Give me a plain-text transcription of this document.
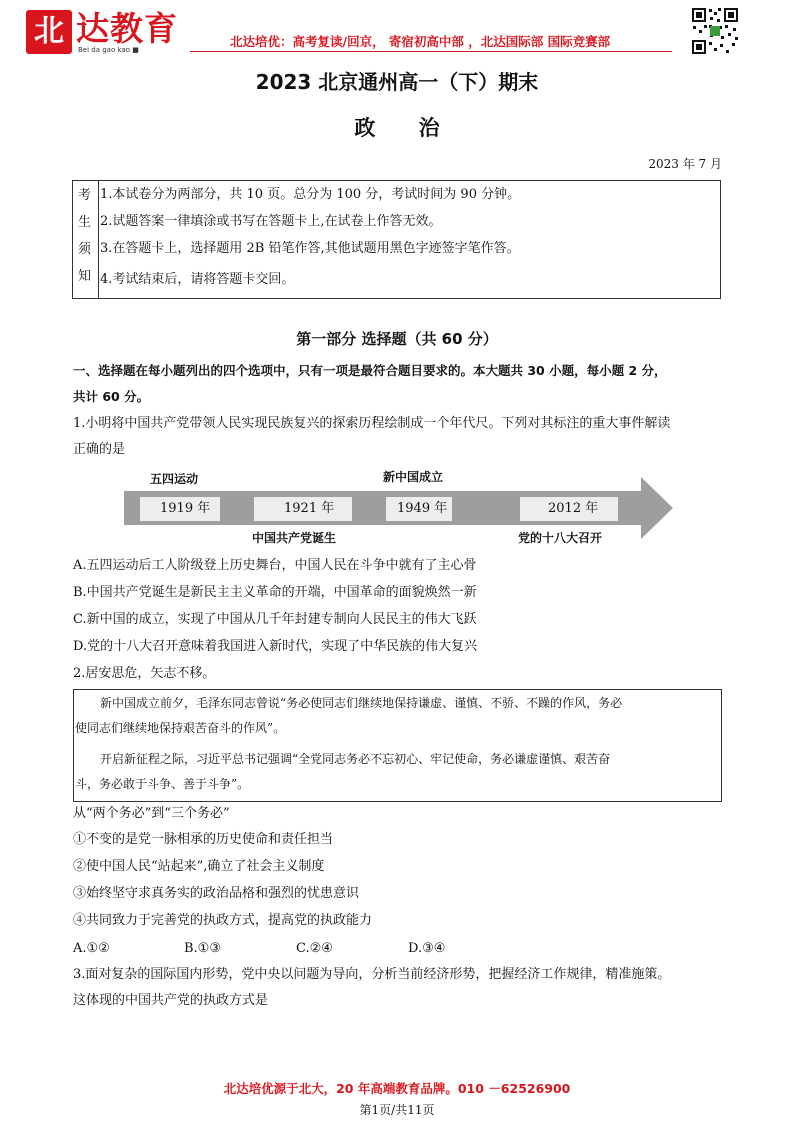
北 达教育
Bei da gao kao ■
北达培优：高考复读/回京， 寄宿初高中部 ，北达国际部 国际竞赛部
2023 北京通州高一（下）期末
政 治
2023 年 7 月
考
生
须
知
1.本试卷分为两部分，共 10 页。总分为 100 分，考试时间为 90 分钟。
2.试题答案一律填涂或书写在答题卡上,在试卷上作答无效。
3.在答题卡上，选择题用 2B 铅笔作答,其他试题用黑色字迹签字笔作答。
4.考试结束后，请将答题卡交回。
第一部分 选择题（共 60 分）
一、选择题在每小题列出的四个选项中，只有一项是最符合题目要求的。本大题共 30 小题，每小题 2 分，
共计 60 分。
1.小明将中国共产党带领人民实现民族复兴的探索历程绘制成一个年代尺。下列对其标注的重大事件解读
正确的是
1919 年	1921 年	1949 年	2012 年
五四运动	新中国成立
中国共产党诞生	党的十八大召开
A.五四运动后工人阶级登上历史舞台，中国人民在斗争中就有了主心骨
B.中国共产党诞生是新民主主义革命的开端，中国革命的面貌焕然一新
C.新中国的成立，实现了中国从几千年封建专制向人民民主的伟大飞跃
D.党的十八大召开意味着我国进入新时代，实现了中华民族的伟大复兴
2.居安思危，矢志不移。
新中国成立前夕，毛泽东同志曾说“务必使同志们继续地保持谦虚、谨慎、不骄、不躁的作风，务必
使同志们继续地保持艰苦奋斗的作风”。
开启新征程之际，习近平总书记强调“全党同志务必不忘初心、牢记使命，务必谦虚谨慎、艰苦奋
斗，务必敢于斗争、善于斗争”。
从“两个务必”到“三个务必”
①不变的是党一脉相承的历史使命和责任担当
②使中国人民“站起来”,确立了社会主义制度
③始终坚守求真务实的政治品格和强烈的忧患意识
④共同致力于完善党的执政方式，提高党的执政能力
A.①②	B.①③	C.②④	D.③④
3.面对复杂的国际国内形势，党中央以问题为导向，分析当前经济形势，把握经济工作规律，精准施策。
这体现的中国共产党的执政方式是
北达培优源于北大，20 年高端教育品牌。010 －62526900
第1页/共11页
